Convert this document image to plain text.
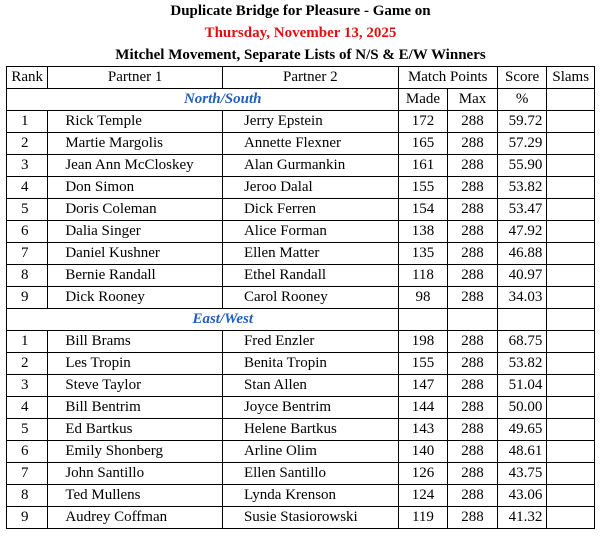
Duplicate Bridge for Pleasure - Game on
Thursday, November 13, 2025
Mitchel Movement, Separate Lists of N/S & E/W Winners
Rank	Partner 1	Partner 2	Match Points		Score	Slams
	North/South		Made	Max	%	
1	Rick Temple	Jerry Epstein	172	288	59.72	
2	Martie Margolis	Annette Flexner	165	288	57.29	
3	Jean Ann McCloskey	Alan Gurmankin	161	288	55.90	
4	Don Simon	Jeroo Dalal	155	288	53.82	
5	Doris Coleman	Dick Ferren	154	288	53.47	
6	Dalia Singer	Alice Forman	138	288	47.92	
7	Daniel Kushner	Ellen Matter	135	288	46.88	
8	Bernie Randall	Ethel Randall	118	288	40.97	
9	Dick Rooney	Carol Rooney	98	288	34.03	
	East/West					
1	Bill Brams	Fred Enzler	198	288	68.75	
2	Les Tropin	Benita Tropin	155	288	53.82	
3	Steve Taylor	Stan Allen	147	288	51.04	
4	Bill Bentrim	Joyce Bentrim	144	288	50.00	
5	Ed Bartkus	Helene Bartkus	143	288	49.65	
6	Emily Shonberg	Arline Olim	140	288	48.61	
7	John Santillo	Ellen Santillo	126	288	43.75	
8	Ted Mullens	Lynda Krenson	124	288	43.06	
9	Audrey Coffman	Susie Stasiorowski	119	288	41.32	
